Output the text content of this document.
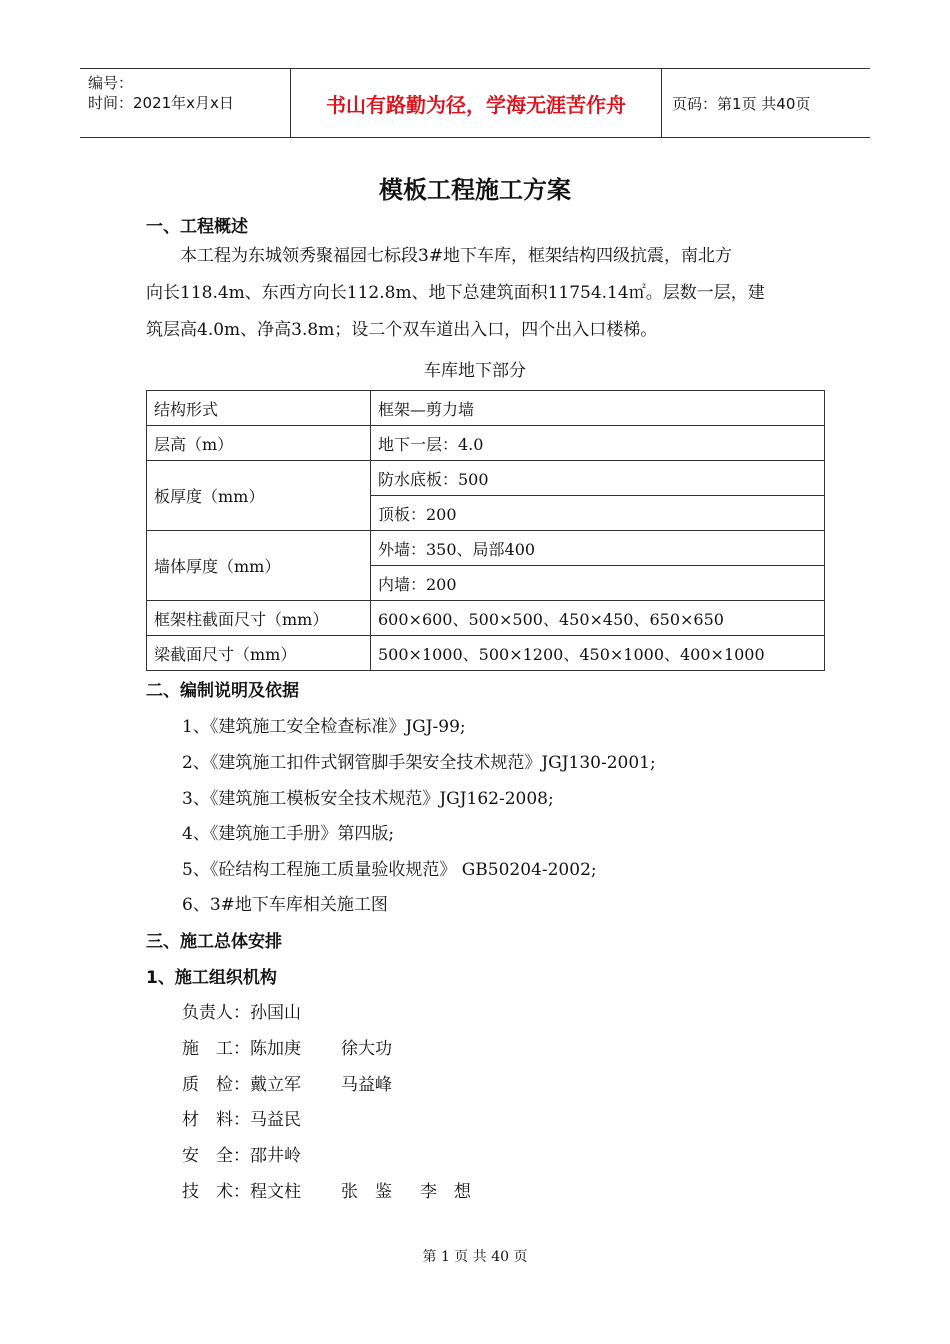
编号：
时间：2021年x月x日	书山有路勤为径，学海无涯苦作舟	页码：第1页 共40页
模板工程施工方案
一、工程概述
本工程为东城领秀聚福园七标段3#地下车库，框架结构四级抗震，南北方
向长118.4m、东西方向长112.8m、地下总建筑面积11754.14㎡。层数一层，建
筑层高4.0m、净高3.8m；设二个双车道出入口，四个出入口楼梯。
车库地下部分
结构形式	框架—剪力墙
层高（m）	地下一层：4.0
板厚度（mm）	防水底板：500
	顶板：200
墙体厚度（mm）	外墙：350、局部400
	内墙：200
框架柱截面尺寸（mm）	600×600、500×500、450×450、650×650
梁截面尺寸（mm）	500×1000、500×1200、450×1000、400×1000
二、编制说明及依据
1、《建筑施工安全检查标准》JGJ-99;
2、《建筑施工扣件式钢管脚手架安全技术规范》JGJ130-2001;
3、《建筑施工模板安全技术规范》JGJ162-2008;
4、《建筑施工手册》第四版;
5、《砼结构工程施工质量验收规范》 GB50204-2002;
6、3#地下车库相关施工图
三、施工总体安排
1、施工组织机构
负责人：孙国山
施　工：陈加庚 徐大功
质　检：戴立军 马益峰
材　料：马益民
安　全：邵井岭
技　术：程文柱 张　鉴 李　想
第 1 页 共 40 页
